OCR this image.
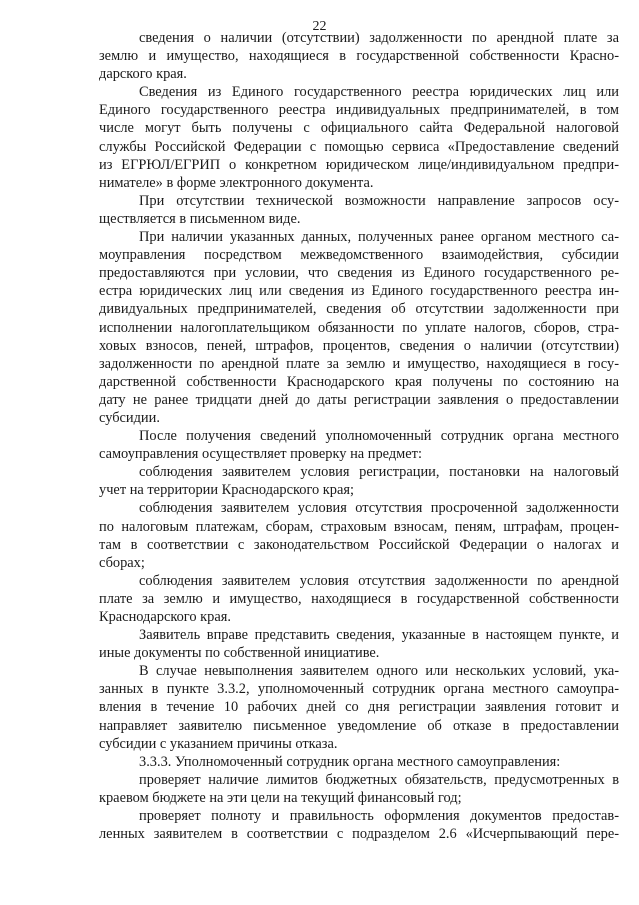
22
сведения о наличии (отсутствии) задолженности по арендной плате за
землю и имущество, находящиеся в государственной собственности Красно-
дарского края.
Сведения из Единого государственного реестра юридических лиц или
Единого государственного реестра индивидуальных предпринимателей, в том
числе могут быть получены с официального сайта Федеральной налоговой
службы Российской Федерации с помощью сервиса «Предоставление сведений
из ЕГРЮЛ/ЕГРИП о конкретном юридическом лице/индивидуальном предпри-
нимателе» в форме электронного документа.
При отсутствии технической возможности направление запросов осу-
ществляется в письменном виде.
При наличии указанных данных, полученных ранее органом местного са-
моуправления посредством межведомственного взаимодействия, субсидии
предоставляются при условии, что сведения из Единого государственного ре-
естра юридических лиц или сведения из Единого государственного реестра ин-
дивидуальных предпринимателей, сведения об отсутствии задолженности при
исполнении налогоплательщиком обязанности по уплате налогов, сборов, стра-
ховых взносов, пеней, штрафов, процентов, сведения о наличии (отсутствии)
задолженности по арендной плате за землю и имущество, находящиеся в госу-
дарственной собственности Краснодарского края получены по состоянию на
дату не ранее тридцати дней до даты регистрации заявления о предоставлении
субсидии.
После получения сведений уполномоченный сотрудник органа местного
самоуправления осуществляет проверку на предмет:
соблюдения заявителем условия регистрации, постановки на налоговый
учет на территории Краснодарского края;
соблюдения заявителем условия отсутствия просроченной задолженности
по налоговым платежам, сборам, страховым взносам, пеням, штрафам, процен-
там в соответствии с законодательством Российской Федерации о налогах и
сборах;
соблюдения заявителем условия отсутствия задолженности по арендной
плате за землю и имущество, находящиеся в государственной собственности
Краснодарского края.
Заявитель вправе представить сведения, указанные в настоящем пункте, и
иные документы по собственной инициативе.
В случае невыполнения заявителем одного или нескольких условий, ука-
занных в пункте 3.3.2, уполномоченный сотрудник органа местного самоупра-
вления в течение 10 рабочих дней со дня регистрации заявления готовит и
направляет заявителю письменное уведомление об отказе в предоставлении
субсидии с указанием причины отказа.
3.3.3. Уполномоченный сотрудник органа местного самоуправления:
проверяет наличие лимитов бюджетных обязательств, предусмотренных в
краевом бюджете на эти цели на текущий финансовый год;
проверяет полноту и правильность оформления документов предостав-
ленных заявителем в соответствии с подразделом 2.6 «Исчерпывающий пере-
